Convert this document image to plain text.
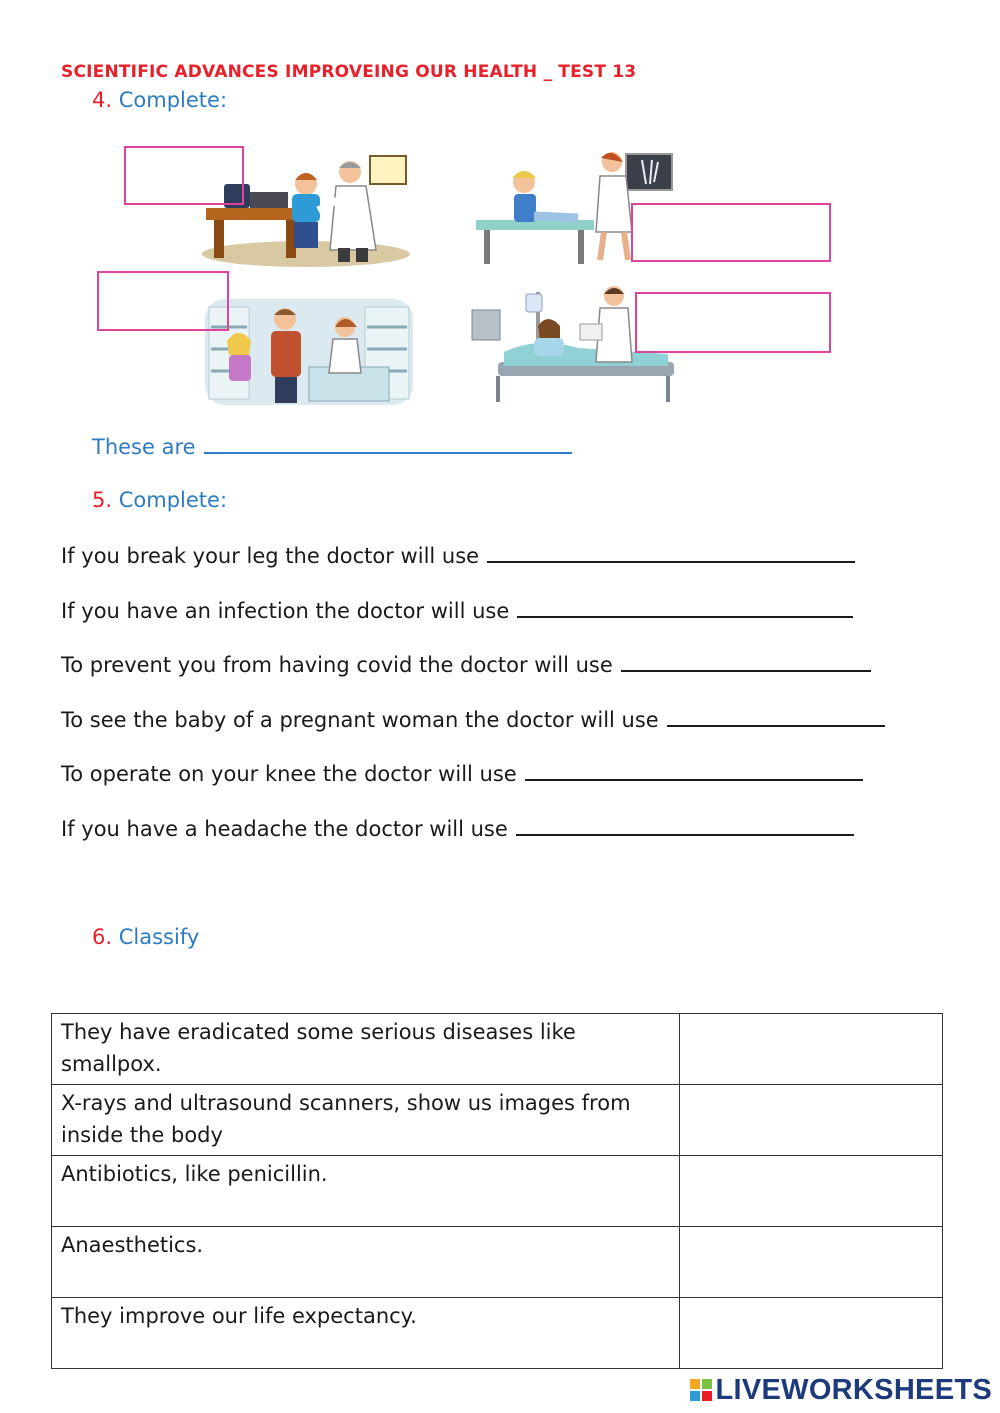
SCIENTIFIC ADVANCES IMPROVEING OUR HEALTH _ TEST 13
4. Complete:
These are
5. Complete:
If you break your leg the doctor will use
If you have an infection the doctor will use
To prevent you from having covid the doctor will use
To see the baby of a pregnant woman the doctor will use
To operate on your knee the doctor will use
If you have a headache the doctor will use
6. Classify
They have eradicated some serious diseases like smallpox.	
X-rays and ultrasound scanners, show us images from inside the body	
Antibiotics, like penicillin.	
Anaesthetics.	
They improve our life expectancy.	
LIVEWORKSHEETS
